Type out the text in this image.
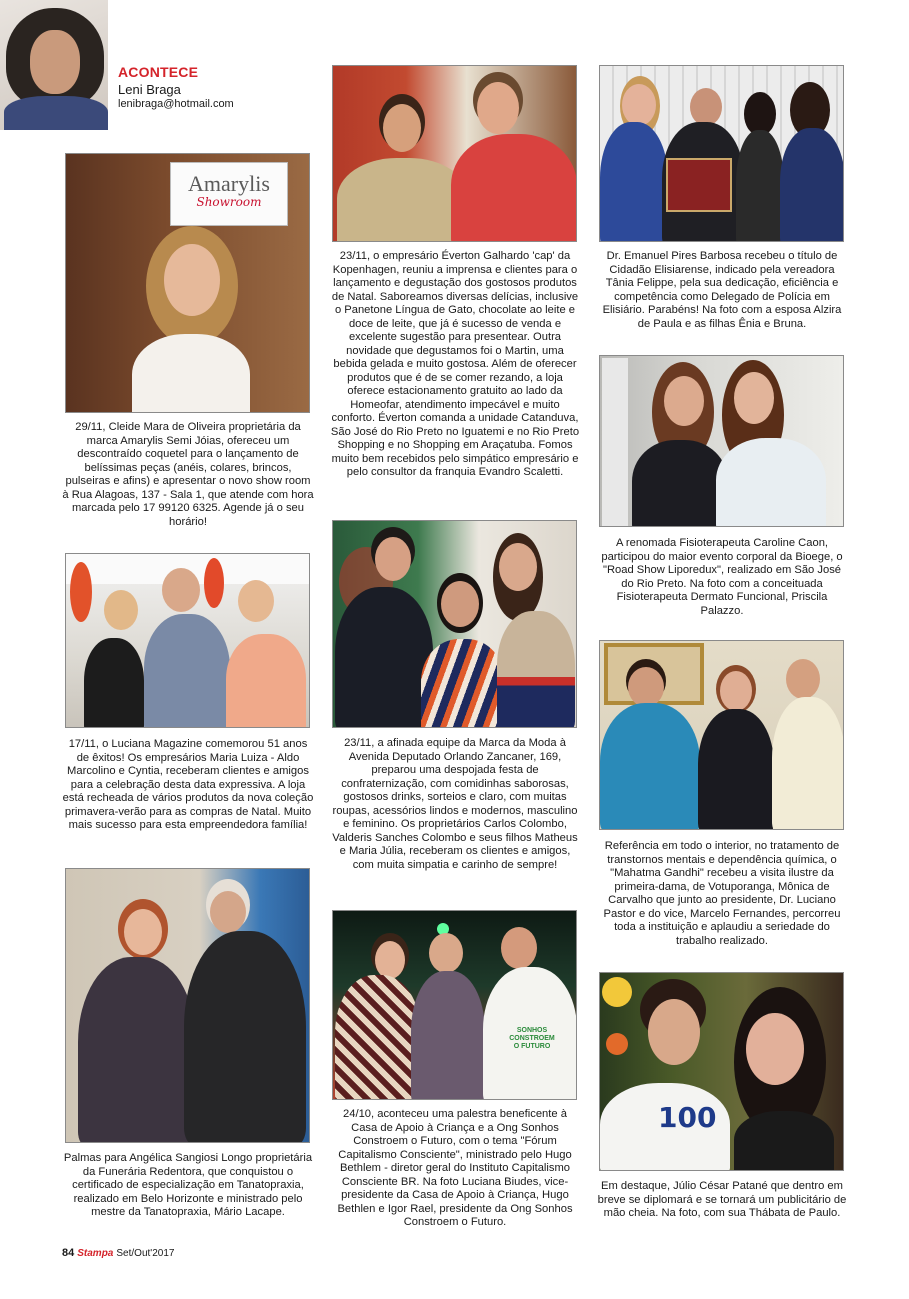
ACONTECE
Leni Braga
lenibraga@hotmail.com
Amarylis
Showroom
29/11, Cleide Mara de Oliveira proprietária da marca Amarylis Semi Jóias, ofereceu um descontraído coquetel para o lançamento de belíssimas peças (anéis, colares, brincos, pulseiras e afins) e apresentar o novo show room à Rua Alagoas, 137 - Sala 1, que atende com hora marcada pelo 17 99120 6325. Agende já o seu horário!
17/11, o Luciana Magazine comemorou 51 anos de êxitos! Os empresários Maria Luiza - Aldo Marcolino e Cyntia, receberam clientes e amigos para a celebração desta data expressiva. A loja está recheada de vários produtos da nova coleção primavera-verão para as compras de Natal. Muito mais sucesso para esta empreendedora família!
Palmas para Angélica Sangiosi Longo proprietária da Funerária Redentora, que conquistou o certificado de especialização em Tanatopraxia, realizado em Belo Horizonte e ministrado pelo mestre da Tanatopraxia, Mário Lacape.
23/11, o empresário Éverton Galhardo 'cap' da Kopenhagen, reuniu a imprensa e clientes para o lançamento e degustação dos gostosos produtos de Natal. Saboreamos diversas delícias, inclusive o Panetone Língua de Gato, chocolate ao leite e doce de leite, que já é sucesso de venda e excelente sugestão para presentear. Outra novidade que degustamos foi o Martin, uma bebida gelada e muito gostosa. Além de oferecer produtos que é de se comer rezando, a loja oferece estacionamento gratuito ao lado da Homeofar, atendimento impecável e muito conforto. Éverton comanda a unidade Catanduva, São José do Rio Preto no Iguatemi e no Rio Preto Shopping e no Shopping em Araçatuba. Fomos muito bem recebidos pelo simpático empresário e pelo consultor da franquia Evandro Scaletti.
23/11, a afinada equipe da Marca da Moda à Avenida Deputado Orlando Zancaner, 169, preparou uma despojada festa de confraternização, com comidinhas saborosas, gostosos drinks, sorteios e claro, com muitas roupas, acessórios lindos e modernos, masculino e feminino. Os proprietários Carlos Colombo, Valderis Sanches Colombo e seus filhos Matheus e Maria Júlia, receberam os clientes e amigos, com muita simpatia e carinho de sempre!
SONHOS CONSTROEM O FUTURO
24/10, aconteceu uma palestra beneficente à Casa de Apoio à Criança e a Ong Sonhos Constroem o Futuro, com o tema "Fórum Capitalismo Consciente", ministrado pelo Hugo Bethlem - diretor geral do Instituto Capitalismo Consciente BR. Na foto Luciana Biudes, vice-presidente da Casa de Apoio à Criança, Hugo Bethlen e Igor Rael, presidente da Ong Sonhos Constroem o Futuro.
Dr. Emanuel Pires Barbosa recebeu o título de Cidadão Elisiarense, indicado pela vereadora Tânia Felippe, pela sua dedicação, eficiência e competência como Delegado de Polícia em Elisiário. Parabéns! Na foto com a esposa Alzira de Paula e as filhas Ênia e Bruna.
A renomada Fisioterapeuta Caroline Caon, participou do maior evento corporal da Bioege, o "Road Show Liporedux", realizado em São José do Rio Preto. Na foto com a conceituada Fisioterapeuta Dermato Funcional, Priscila Palazzo.
Referência em todo o interior, no tratamento de transtornos mentais e dependência química, o "Mahatma Gandhi" recebeu a visita ilustre da primeira-dama, de Votuporanga, Mônica de Carvalho que junto ao presidente, Dr. Luciano Pastor e do vice, Marcelo Fernandes, percorreu toda a instituição e aplaudiu a seriedade do trabalho realizado.
100
Em destaque, Júlio César Patané que dentro em breve se diplomará e se tornará um publicitário de mão cheia. Na foto, com sua Thábata de Paulo.
84 Stampa Set/Out'2017
